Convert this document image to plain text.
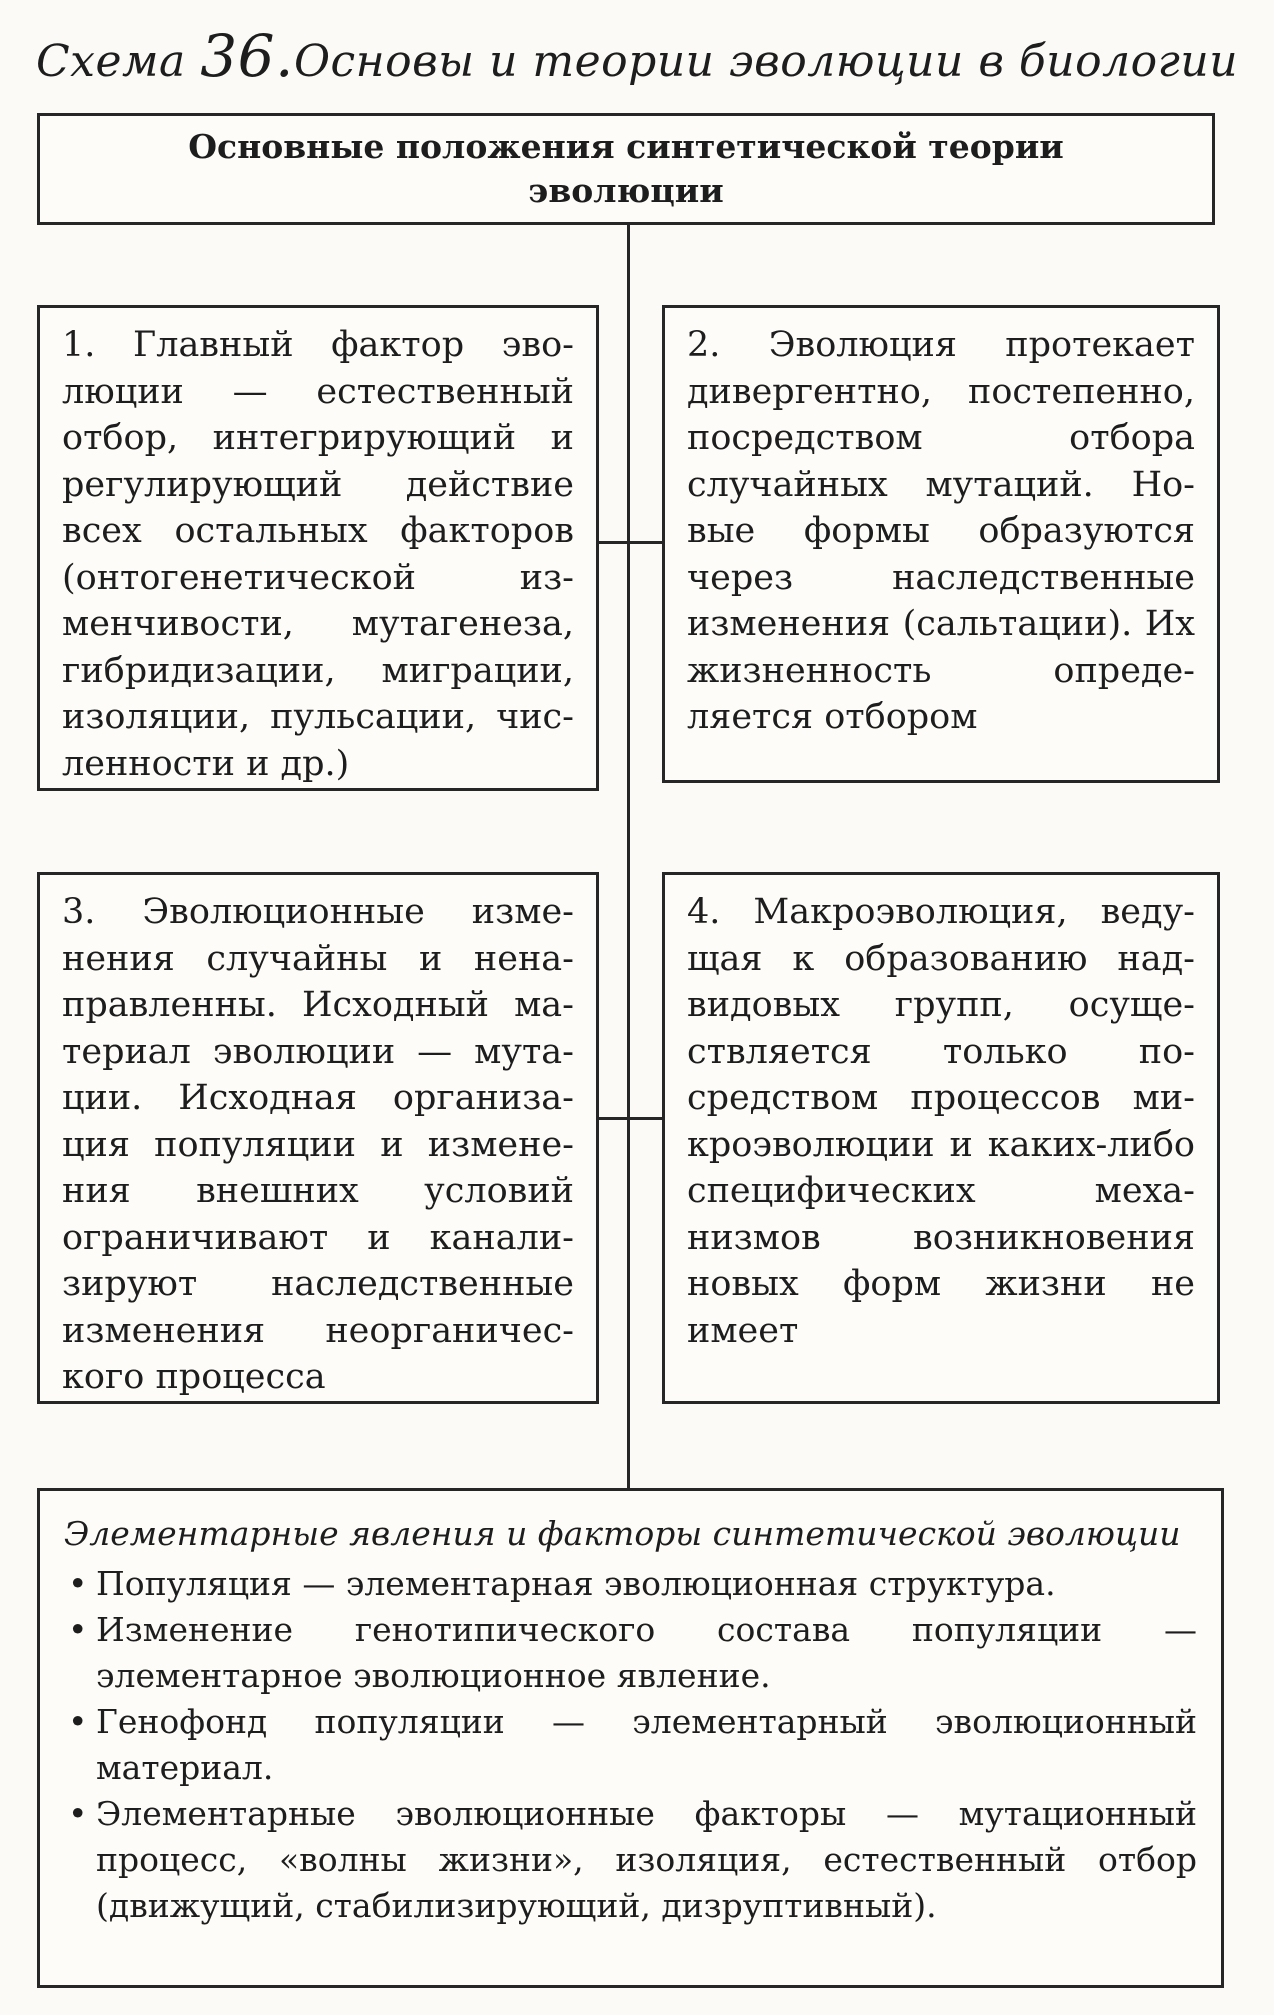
Схема 36.Основы и теории эволюции в биологии
Основные положения синтетической теории эволюции
1. Главный фактор эволюции — естественный отбор, интегрирующий и регулирующий действие всех остальных факторов (онтогенетической изменчивости, мутагенеза, гибридизации, миграции, изоляции, пульсации, численности и др.)
2. Эволюция протекает дивергентно, постепенно, посредством отбора случайных мутаций. Новые формы образуются через наследственные изменения (сальтации). Их жизненность определяется отбором
3. Эволюционные изменения случайны и ненаправленны. Исходный материал эволюции — мутации. Исходная организация популяции и изменения внешних условий ограничивают и канализируют наследственные изменения неорганического процесса
4. Макроэволюция, ведущая к образованию надвидовых групп, осуществляется только посредством процессов микроэволюции и каких-либо специфических механизмов возникновения новых форм жизни не имеет
Элементарные явления и факторы синтетической эволюции
• Популяция — элементарная эволюционная структура.
• Изменение генотипического состава популяции — элементарное эволюционное явление.
• Генофонд популяции — элементарный эволюционный материал.
• Элементарные эволюционные факторы — мутационный процесс, «волны жизни», изоляция, естественный отбор (движущий, стабилизирующий, дизруптивный).
